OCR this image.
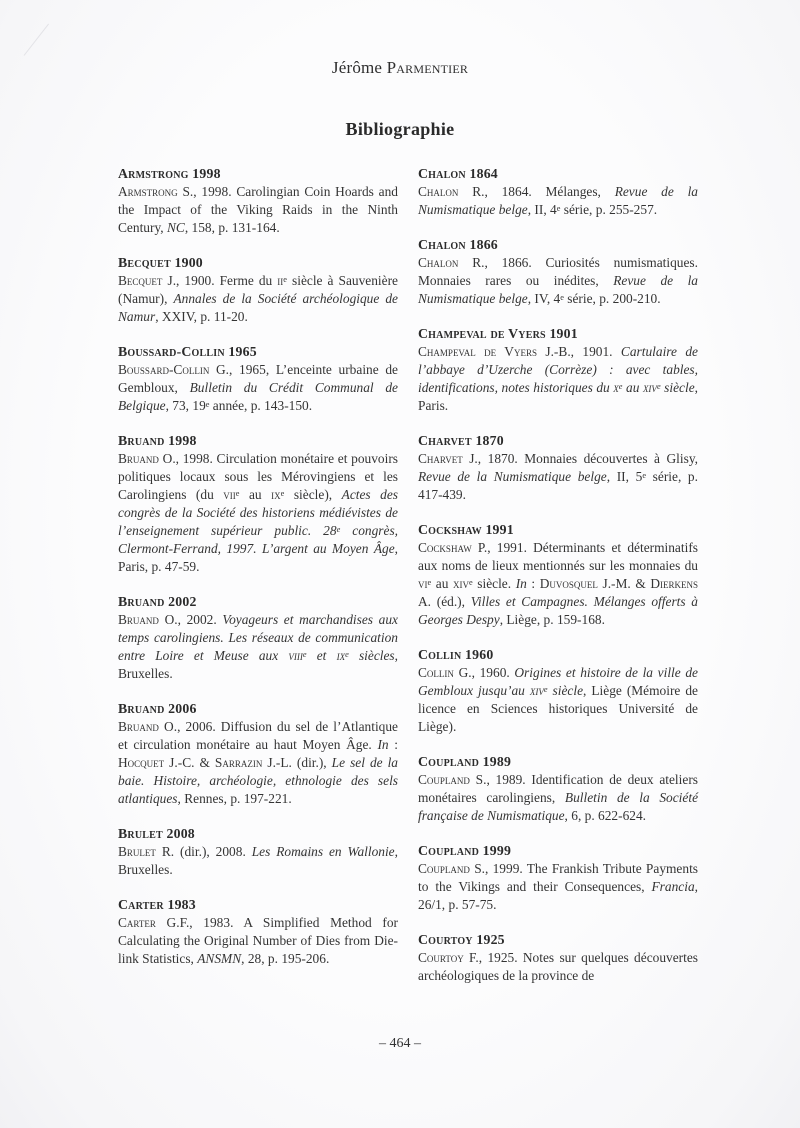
Jérôme Parmentier
Bibliographie
Armstrong 1998
Armstrong S., 1998. Carolingian Coin Hoards and the Impact of the Viking Raids in the Ninth Century, NC, 158, p. 131-164.
Becquet 1900
Becquet J., 1900. Ferme du $ii^e$ siècle à Sauvenière (Namur), Annales de la Société archéologique de Namur, XXIV, p. 11-20.
Boussard-Collin 1965
Boussard-Collin G., 1965, L’enceinte urbaine de Gembloux, Bulletin du Crédit Communal de Belgique, 73, 19e année, p. 143-150.
Bruand 1998
Bruand O., 1998. Circulation monétaire et pouvoirs politiques locaux sous les Mérovingiens et les Carolingiens (du vii$^e$ au $ix^e$ siècle), Actes des congrès de la Société des historiens médiévistes de l’enseignement supérieur public. 28e congrès, Clermont-Ferrand, 1997. L’argent au Moyen Âge, Paris, p. 47-59.
Bruand 2002
Bruand O., 2002. Voyageurs et marchandises aux temps carolingiens. Les réseaux de communication entre Loire et Meuse aux viii$^e$ et $ix^e$ siècles, Bruxelles.
Bruand 2006
Bruand O., 2006. Diffusion du sel de l’Atlantique et circulation monétaire au haut Moyen Âge. In : Hocquet J.-C. & Sarrazin J.-L. (dir.), Le sel de la baie. Histoire, archéologie, ethnologie des sels atlantiques, Rennes, p. 197-221.
Brulet 2008
Brulet R. (dir.), 2008. Les Romains en Wallonie, Bruxelles.
Carter 1983
Carter G.F., 1983. A Simplified Method for Calculating the Original Number of Dies from Die-link Statistics, ANSMN, 28, p. 195-206.
Chalon 1864
Chalon R., 1864. Mélanges, Revue de la Numismatique belge, II, 4e série, p. 255-257.
Chalon 1866
Chalon R., 1866. Curiosités numismatiques. Monnaies rares ou inédites, Revue de la Numismatique belge, IV, 4e série, p. 200-210.
Champeval de Vyers 1901
Champeval de Vyers J.-B., 1901. Cartulaire de l’abbaye d’Uzerche (Corrèze) : avec tables, identifications, notes historiques du $x^e$ au xiv$^e$ siècle, Paris.
Charvet 1870
Charvet J., 1870. Monnaies découvertes à Glisy, Revue de la Numismatique belge, II, 5e série, p. 417-439.
Cockshaw 1991
Cockshaw P., 1991. Déterminants et déterminatifs aux noms de lieux mentionnés sur les monnaies du $vi^e$ au xiv$^e$ siècle. In : Duvosquel J.-M. & Dierkens A. (éd.), Villes et Campagnes. Mélanges offerts à Georges Despy, Liège, p. 159-168.
Collin 1960
Collin G., 1960. Origines et histoire de la ville de Gembloux jusqu’au xiv$^e$ siècle, Liège (Mémoire de licence en Sciences historiques Université de Liège).
Coupland 1989
Coupland S., 1989. Identification de deux ateliers monétaires carolingiens, Bulletin de la Société française de Numismatique, 6, p. 622-624.
Coupland 1999
Coupland S., 1999. The Frankish Tribute Payments to the Vikings and their Consequences, Francia, 26/1, p. 57-75.
Courtoy 1925
Courtoy F., 1925. Notes sur quelques découvertes archéologiques de la province de
– 464 –
